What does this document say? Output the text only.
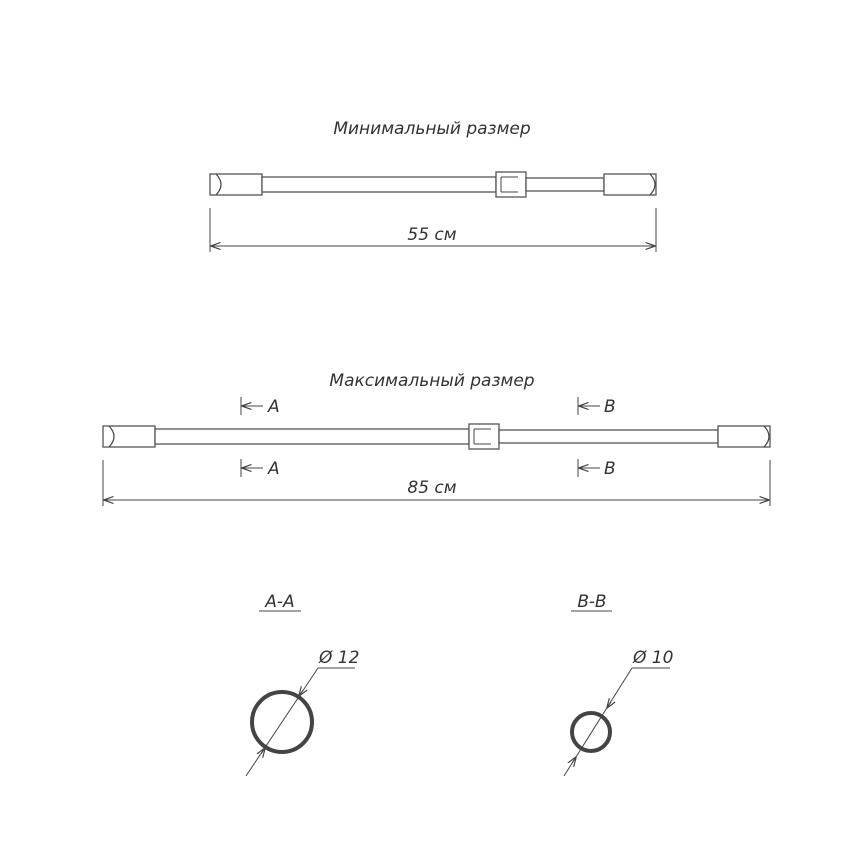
Минимальный размер
55 см
Максимальный размер
A	B
A	B
85 см
A-A
Ø 12
B-B
Ø 10
